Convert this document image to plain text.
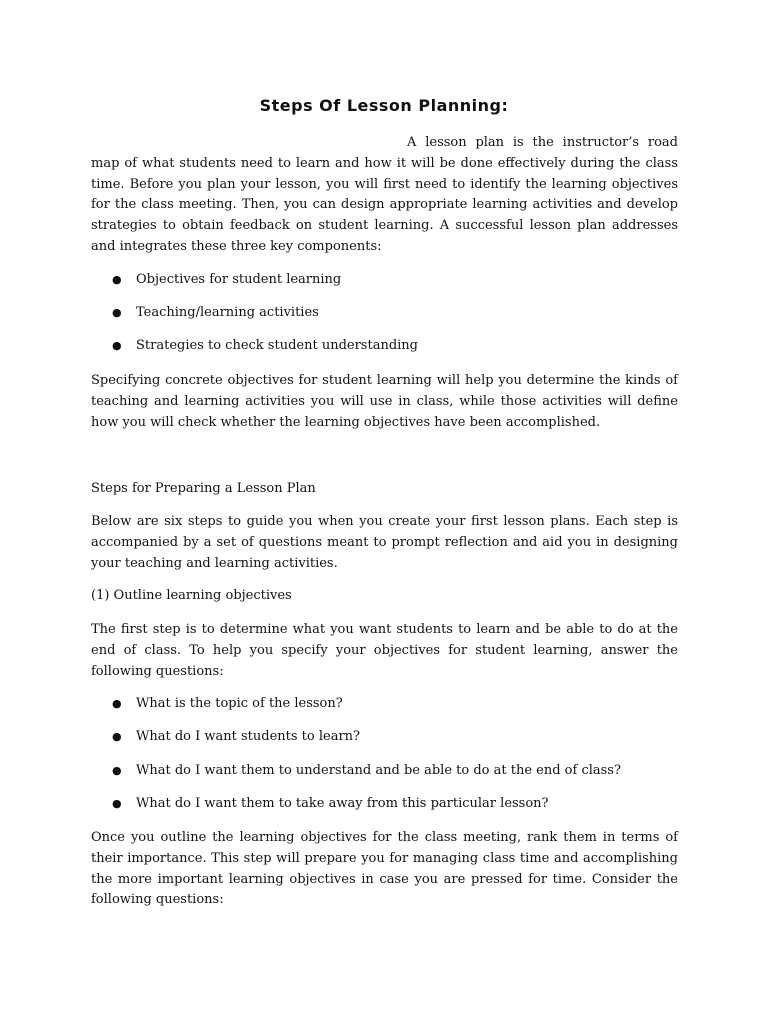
Steps Of Lesson Planning:

A lesson plan is the instructor’s road map of what students need to learn and how it will be done effectively during the class time. Before you plan your lesson, you will first need to identify the learning objectives for the class meeting. Then, you can design appropriate learning activities and develop strategies to obtain feedback on student learning. A successful lesson plan addresses and integrates these three key components:

● Objectives for student learning

● Teaching/learning activities

● Strategies to check student understanding

Specifying concrete objectives for student learning will help you determine the kinds of teaching and learning activities you will use in class, while those activities will define how you will check whether the learning objectives have been accomplished.

Steps for Preparing a Lesson Plan

Below are six steps to guide you when you create your first lesson plans. Each step is accompanied by a set of questions meant to prompt reflection and aid you in designing your teaching and learning activities.

(1) Outline learning objectives

The first step is to determine what you want students to learn and be able to do at the end of class. To help you specify your objectives for student learning, answer the following questions:

● What is the topic of the lesson?

● What do I want students to learn?

● What do I want them to understand and be able to do at the end of class?

● What do I want them to take away from this particular lesson?

Once you outline the learning objectives for the class meeting, rank them in terms of their importance. This step will prepare you for managing class time and accomplishing the more important learning objectives in case you are pressed for time. Consider the following questions:
